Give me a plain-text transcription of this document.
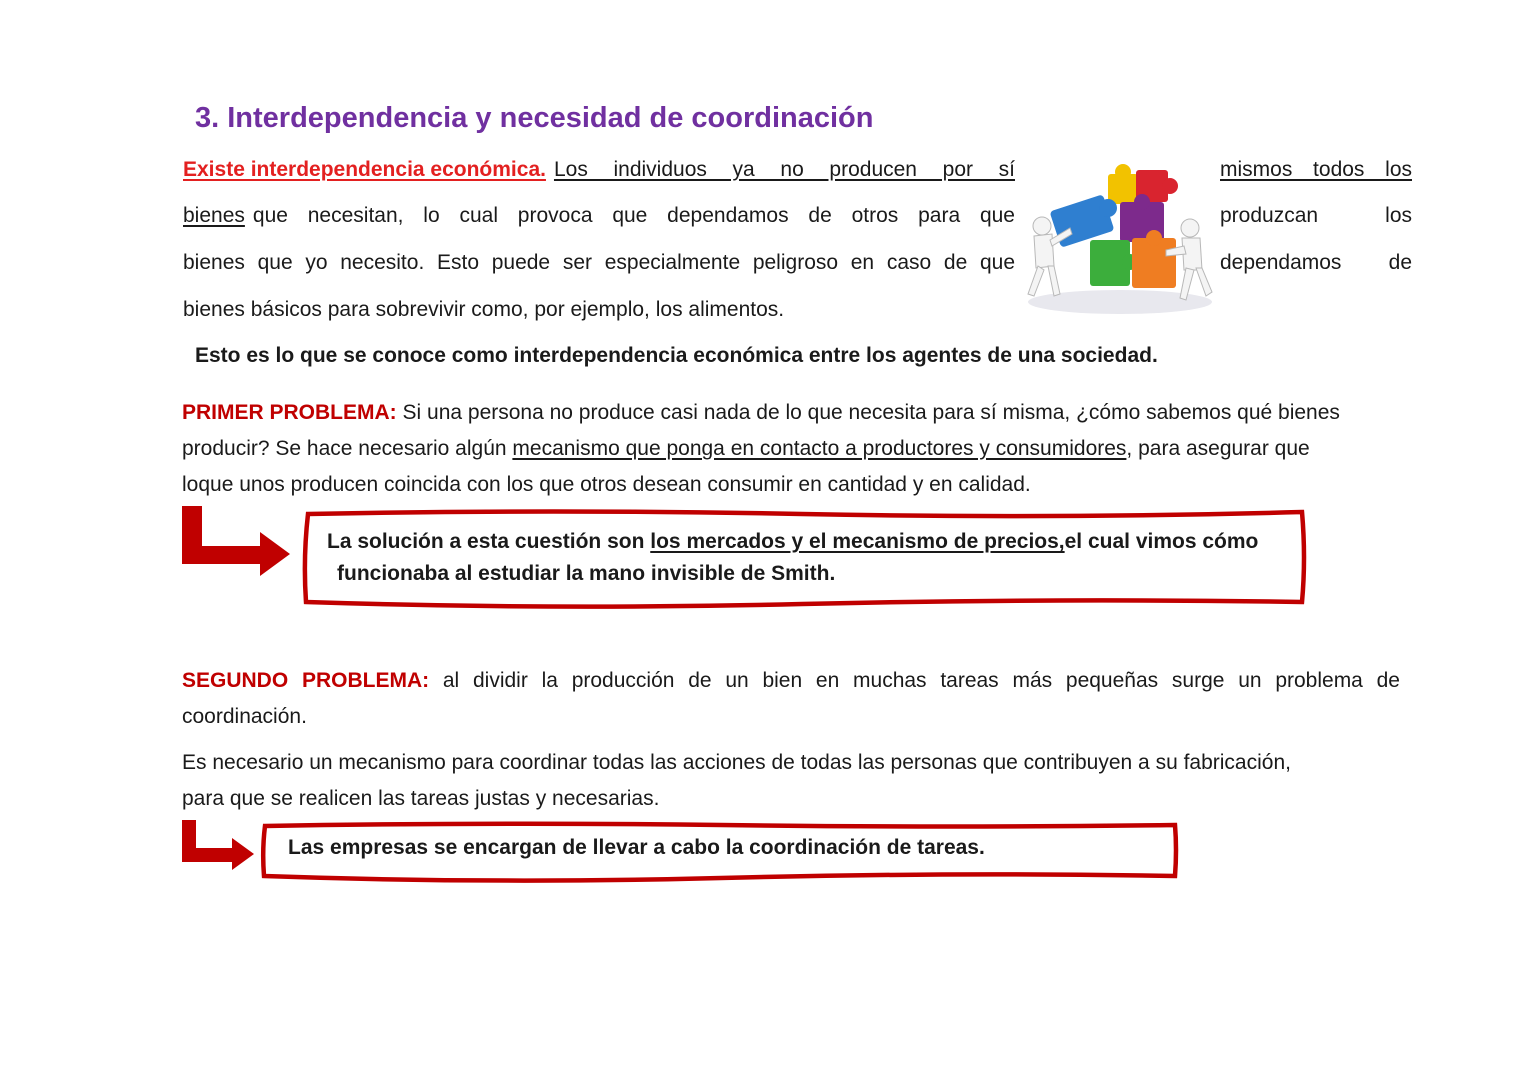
3. Interdependencia y necesidad de coordinación
Existe interdependencia económica. Los individuos ya no producen por sí
bienes que necesitan, lo cual provoca que dependamos de otros para que
bienes que yo necesito. Esto puede ser especialmente peligroso en caso de que
bienes básicos para sobrevivir como, por ejemplo, los alimentos.
mismos todos los
produzcan los
dependamos de
Esto es lo que se conoce como interdependencia económica entre los agentes de una sociedad.
PRIMER PROBLEMA: Si una persona no produce casi nada de lo que necesita para sí misma, ¿cómo sabemos qué bienes
producir? Se hace necesario algún mecanismo que ponga en contacto a productores y consumidores, para asegurar que
loque unos producen coincida con los que otros desean consumir en cantidad y en calidad.
La solución a esta cuestión son los mercados y el mecanismo de precios,el cual vimos cómo
funcionaba al estudiar la mano invisible de Smith.
SEGUNDO PROBLEMA: al dividir la producción de un bien en muchas tareas más pequeñas surge un problema de
coordinación.
Es necesario un mecanismo para coordinar todas las acciones de todas las personas que contribuyen a su fabricación,
para que se realicen las tareas justas y necesarias.
Las empresas se encargan de llevar a cabo la coordinación de tareas.
